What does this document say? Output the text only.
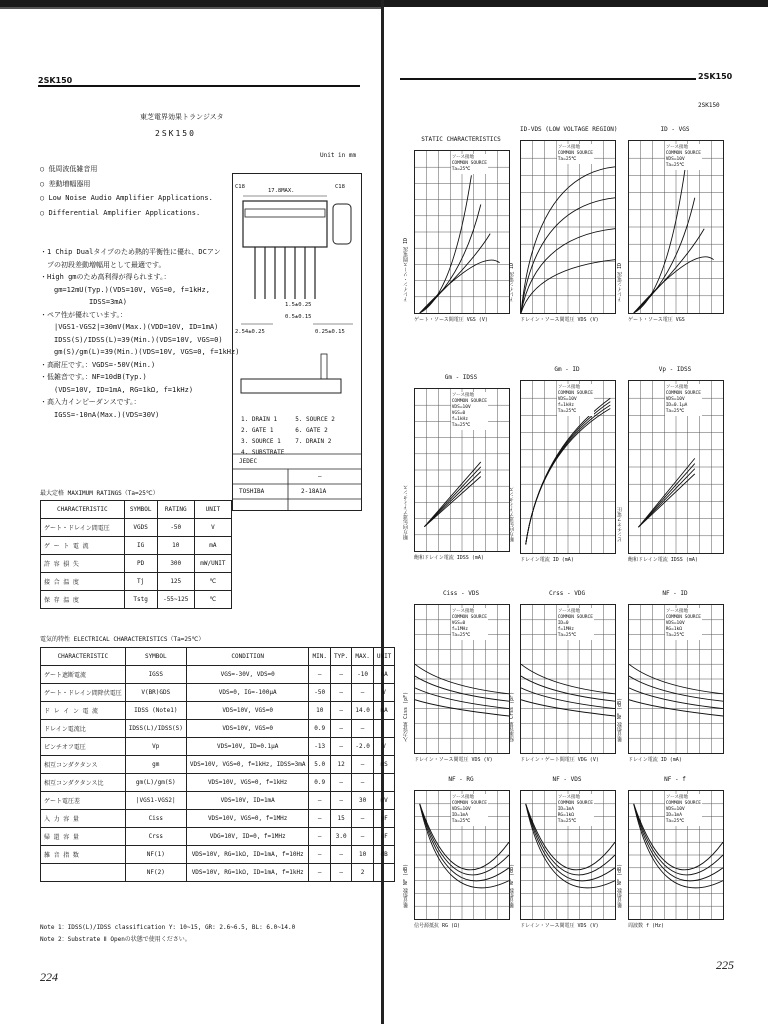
2SK150
東芝電界効果トランジスタ
2SK150
Unit in mm
○ 低周波低雑音用
○ 差動増幅器用
○ Low Noise Audio Amplifier Applications.
○ Differential Amplifier Applications.
・1 Chip Dualタイプのため熱的平衡性に優れ、DCアン
　プの初段差動増幅用として最適です。
・High gmのため高利得が得られます。：
　　gm=12mU(Typ.)(VDS=10V, VGS=0, f=1kHz,
　　　　　　　IDSS=3mA)
・ペア性が優れています。：
　　|VGS1-VGS2|=30mV(Max.)(VDD=10V, ID=1mA)
　　IDSS(S)/IDSS(L)=39(Min.)(VDS=10V, VGS=0)
　　gm(S)/gm(L)=39(Min.)(VDS=10V, VGS=0, f=1kHz)
・高耐圧です。：VGDS=-50V(Min.)
・低雑音です。：NF=10dB(Typ.)
　　(VDS=10V, ID=1mA, RG=1kΩ, f=1kHz)
・高入力インピーダンスです。：
　　IGSS=-10nA(Max.)(VDS=30V)
C18	C18
17.8MAX.
1.5±0.25
0.5±0.15
2.54±0.25	0.25±0.15
1. DRAIN 1	5. SOURCE 2
2. GATE 1	6. GATE 2
3. SOURCE 1 7. DRAIN 2
4. SUBSTRATE
JEDEC
—
TOSHIBA	2-18A1A
最大定格 MAXIMUM RATINGS（Ta=25℃）
CHARACTERISTIC	SYMBOL	RATING	UNIT
ゲート・ドレイン間電圧	VGDS	-50	V
ゲ ー ト 電 流	IG	10	mA
許 容 損 失	PD	300	mW/UNIT
接 合 温 度	Tj	125	℃
保 存 温 度	Tstg	-55~125	℃
電気的特性 ELECTRICAL CHARACTERISTICS（Ta=25℃）
CHARACTERISTIC	SYMBOL	CONDITION	MIN.	TYP.	MAX.	UNIT
ゲート遮断電流	IGSS	VGS=-30V, VDS=0	—	—	-10	nA
ゲート・ドレイン間降伏電圧	V(BR)GDS	VDS=0, IG=-100μA	-50	—	—	V
ド レ イ ン 電 流	IDSS (Note1)	VDS=10V, VGS=0	10	—	14.0	mA
ドレイン電流比	IDSS(L)/IDSS(S)	VDS=10V, VGS=0	0.9	—	—	
ピンチオフ電圧	Vp	VDS=10V, ID=0.1μA	-13	—	-2.0	V
相互コンダクタンス	gm	VDS=10V, VGS=0, f=1kHz, IDSS=3mA	5.0	12	—	mS
相互コンダクタンス比	gm(L)/gm(S)	VDS=10V, VGS=0, f=1kHz	0.9	—	—	
ゲート電圧差	|VGS1-VGS2|	VDS=10V, ID=1mA	—	—	30	mV
入 力 容 量	Ciss	VDS=10V, VGS=0, f=1MHz	—	15	—	pF
帰 還 容 量	Crss	VDG=10V, ID=0, f=1MHz	—	3.0	—	pF
雑 音 指 数	NF(1)	VDS=10V, RG=1kΩ, ID=1mA, f=10Hz	—	—	10	dB
	NF(2)	VDS=10V, RG=1kΩ, ID=1mA, f=1kHz	—	—	2	
Note 1：IDSS(L)/IDSS classification Y: 10~15, GR: 2.6~6.5, BL: 6.0~14.0
Note 2：Substrate Ⅱ Openの状態で使用ください。
224
2SK150
2SK150
STATIC CHARACTERISTICS
ソース接地
COMMON SOURCE
Ta=25℃
ゲート・ソース間電圧 VGS (V)
ドレイン・ソース間電流 ID
ID-VDS (LOW VOLTAGE REGION)
ソース接地
COMMON SOURCE
Ta=25℃
ドレイン・ソース間電圧 VDS (V)
ドレイン電流 ID
ID - VGS
ソース接地
COMMON SOURCE
VDS=10V
Ta=25℃
ゲート・ソース電圧 VGS
ドレイン電流 ID
Gm - IDSS
ソース接地
COMMON SOURCE
VDS=10V
VGS=0
f=1kHz
Ta=25℃
飽和ドレイン電流 IDSS (mA)
順方向伝達アドミタンス
Gm - ID
ソース接地
COMMON SOURCE
VDS=10V
f=1kHz
Ta=25℃
ドレイン電流 ID (mA)
順方向伝達アドミタンス
Vp - IDSS
ソース接地
COMMON SOURCE
VDS=10V
ID=0.1μA
Ta=25℃
飽和ドレイン電流 IDSS (mA)
ピンチオフ電圧
Ciss - VDS
ソース接地
COMMON SOURCE
VGS=0
f=1MHz
Ta=25℃
ドレイン・ソース間電圧 VDS (V)
入力容量 Ciss (pF)
Crss - VDG
ソース接地
COMMON SOURCE
ID=0
f=1MHz
Ta=25℃
ドレイン・ゲート間電圧 VDG (V)
帰還容量 Crss (pF)
NF - ID
ソース接地
COMMON SOURCE
VDS=10V
RG=1kΩ
Ta=25℃
ドレイン電流 ID (mA)
雑音指数 NF (dB)
NF - RG
ソース接地
COMMON SOURCE
VDS=10V
ID=1mA
Ta=25℃
信号源抵抗 RG (Ω)
雑音指数 NF (dB)
NF - VDS
ソース接地
COMMON SOURCE
ID=1mA
RG=1kΩ
Ta=25℃
ドレイン・ソース間電圧 VDS (V)
雑音指数 NF (dB)
NF - f
ソース接地
COMMON SOURCE
VDS=10V
ID=1mA
Ta=25℃
周波数 f (Hz)
雑音指数 NF (dB)
225
